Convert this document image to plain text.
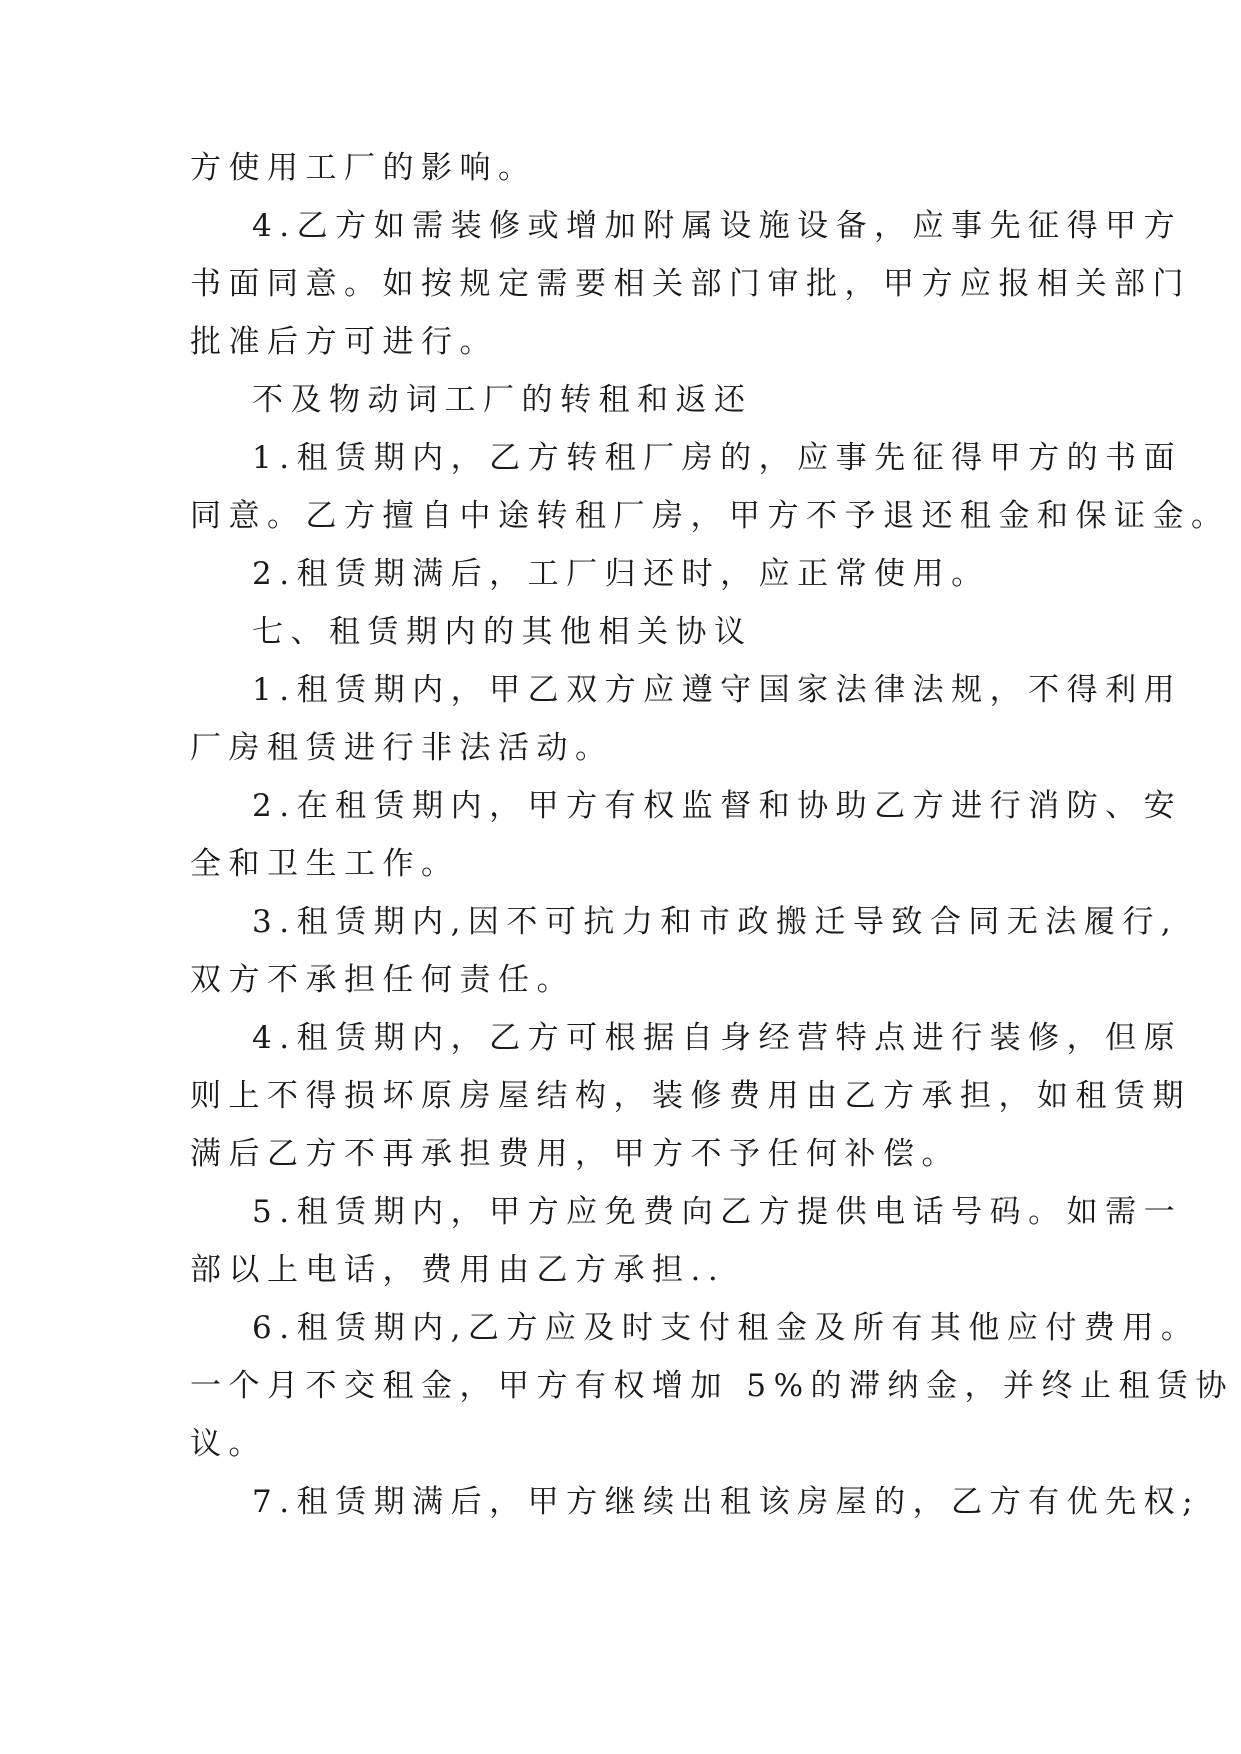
方使用工厂的影响。
4.乙方如需装修或增加附属设施设备，应事先征得甲方
书面同意。如按规定需要相关部门审批，甲方应报相关部门
批准后方可进行。
不及物动词工厂的转租和返还
1.租赁期内，乙方转租厂房的，应事先征得甲方的书面
同意。乙方擅自中途转租厂房，甲方不予退还租金和保证金。
2.租赁期满后，工厂归还时，应正常使用。
七、租赁期内的其他相关协议
1.租赁期内，甲乙双方应遵守国家法律法规，不得利用
厂房租赁进行非法活动。
2.在租赁期内，甲方有权监督和协助乙方进行消防、安
全和卫生工作。
3.租赁期内,因不可抗力和市政搬迁导致合同无法履行,
双方不承担任何责任。
4.租赁期内，乙方可根据自身经营特点进行装修，但原
则上不得损坏原房屋结构，装修费用由乙方承担，如租赁期
满后乙方不再承担费用，甲方不予任何补偿。
5.租赁期内，甲方应免费向乙方提供电话号码。如需一
部以上电话，费用由乙方承担..
6.租赁期内,乙方应及时支付租金及所有其他应付费用。
一个月不交租金，甲方有权增加 5%的滞纳金，并终止租赁协
议。
7.租赁期满后，甲方继续出租该房屋的，乙方有优先权;
